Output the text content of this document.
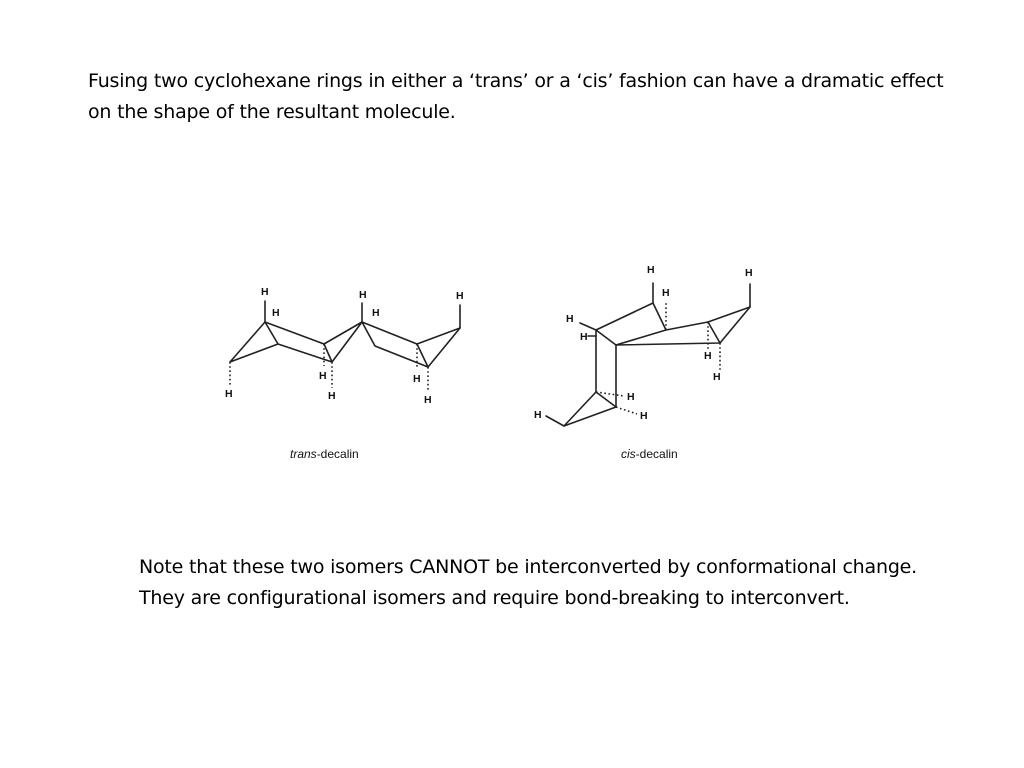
Fusing two cyclohexane rings in either a ‘trans’ or a ‘cis’ fashion can have a dramatic effect on the shape of the resultant molecule.

H
H
H
H
H
H
H
H
H
H
trans-decalin
H	H
H
H
H
H
H
H
H
H
cis-decalin

Note that these two isomers CANNOT be interconverted by conformational change. They are configurational isomers and require bond-breaking to interconvert.
